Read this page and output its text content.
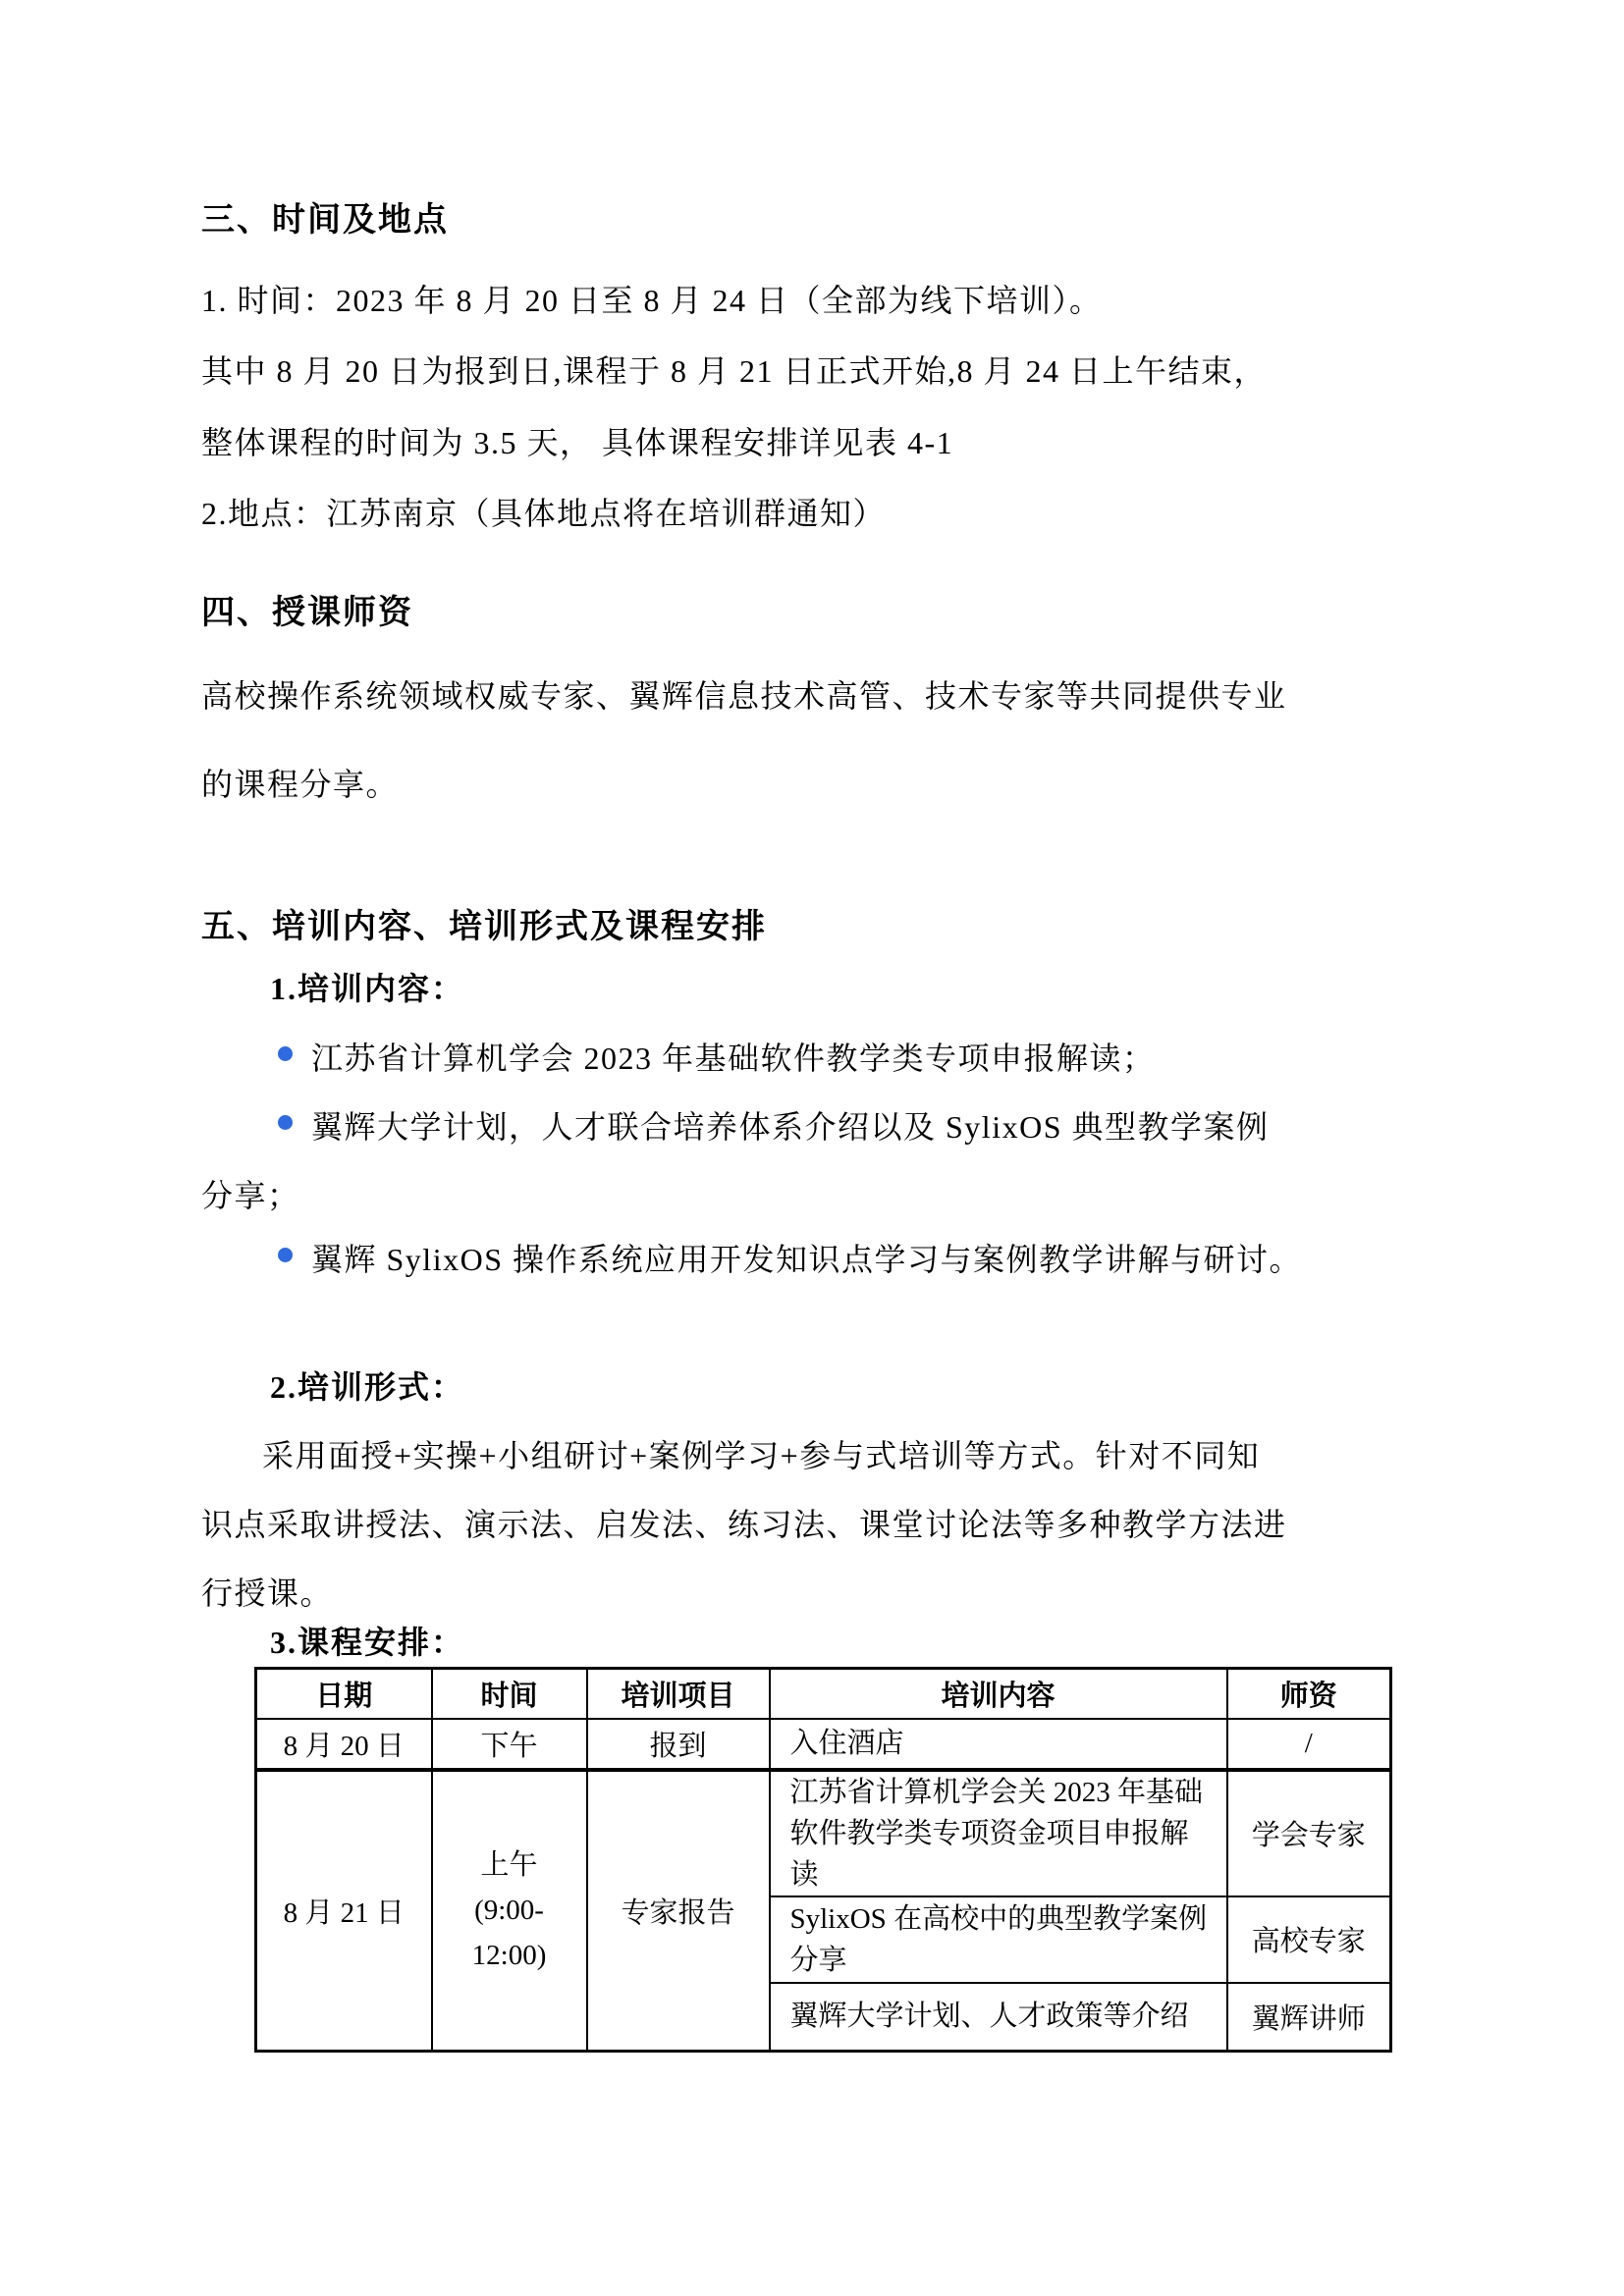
三、时间及地点
1. 时间：2023 年 8 月 20 日至 8 月 24 日（全部为线下培训）。
其中 8 月 20 日为报到日,课程于 8 月 21 日正式开始,8 月 24 日上午结束，
整体课程的时间为 3.5 天， 具体课程安排详见表 4-1
2.地点：江苏南京（具体地点将在培训群通知）
四、授课师资
高校操作系统领域权威专家、翼辉信息技术高管、技术专家等共同提供专业
的课程分享。
五、培训内容、培训形式及课程安排
1.培训内容：
江苏省计算机学会 2023 年基础软件教学类专项申报解读；
翼辉大学计划，人才联合培养体系介绍以及 SylixOS 典型教学案例
分享；
翼辉 SylixOS 操作系统应用开发知识点学习与案例教学讲解与研讨。
2.培训形式：
采用面授+实操+小组研讨+案例学习+参与式培训等方式。针对不同知
识点采取讲授法、演示法、启发法、练习法、课堂讨论法等多种教学方法进
行授课。
3.课程安排：
日期	时间	培训项目	培训内容	师资
8 月 20 日	下午	报到	入住酒店	/
8 月 21 日	上午
(9:00-
12:00)	专家报告	江苏省计算机学会关 2023 年基础软件教学类专项资金项目申报解读	学会专家
			SylixOS 在高校中的典型教学案例分享	高校专家
			翼辉大学计划、人才政策等介绍	翼辉讲师
